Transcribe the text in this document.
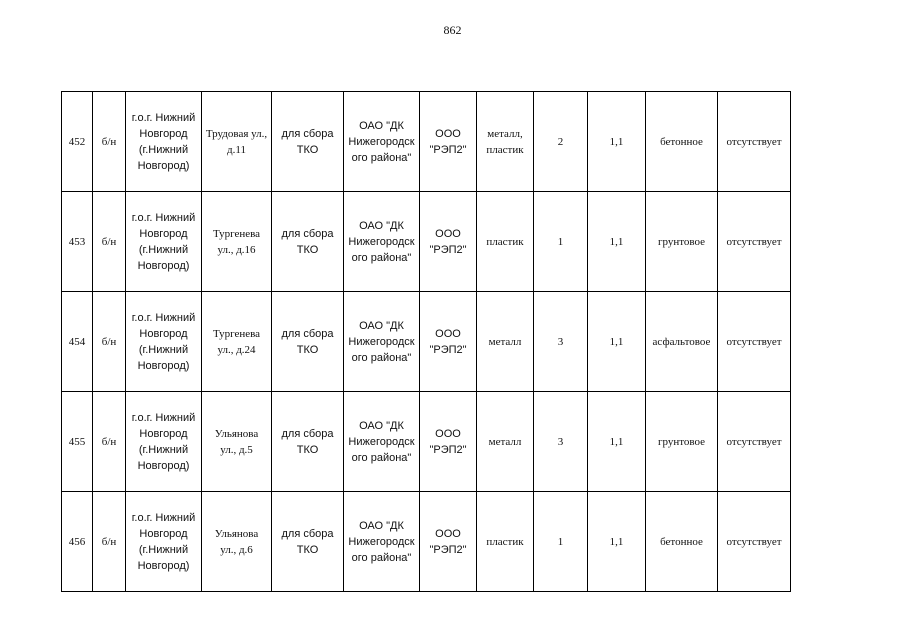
862
452	б/н	г.о.г. Нижний
Новгород
(г.Нижний
Новгород)	Трудовая ул.,
д.11	для сбора
ТКО	ОАО "ДК
Нижегородск
ого района"	ООО
"РЭП2"	металл,
пластик	2	1,1	бетонное	отсутствует
453	б/н	г.о.г. Нижний
Новгород
(г.Нижний
Новгород)	Тургенева
ул., д.16	для сбора
ТКО	ОАО "ДК
Нижегородск
ого района"	ООО
"РЭП2"	пластик	1	1,1	грунтовое	отсутствует
454	б/н	г.о.г. Нижний
Новгород
(г.Нижний
Новгород)	Тургенева
ул., д.24	для сбора
ТКО	ОАО "ДК
Нижегородск
ого района"	ООО
"РЭП2"	металл	3	1,1	асфальтовое	отсутствует
455	б/н	г.о.г. Нижний
Новгород
(г.Нижний
Новгород)	Ульянова
ул., д.5	для сбора
ТКО	ОАО "ДК
Нижегородск
ого района"	ООО
"РЭП2"	металл	3	1,1	грунтовое	отсутствует
456	б/н	г.о.г. Нижний
Новгород
(г.Нижний
Новгород)	Ульянова
ул., д.6	для сбора
ТКО	ОАО "ДК
Нижегородск
ого района"	ООО
"РЭП2"	пластик	1	1,1	бетонное	отсутствует
